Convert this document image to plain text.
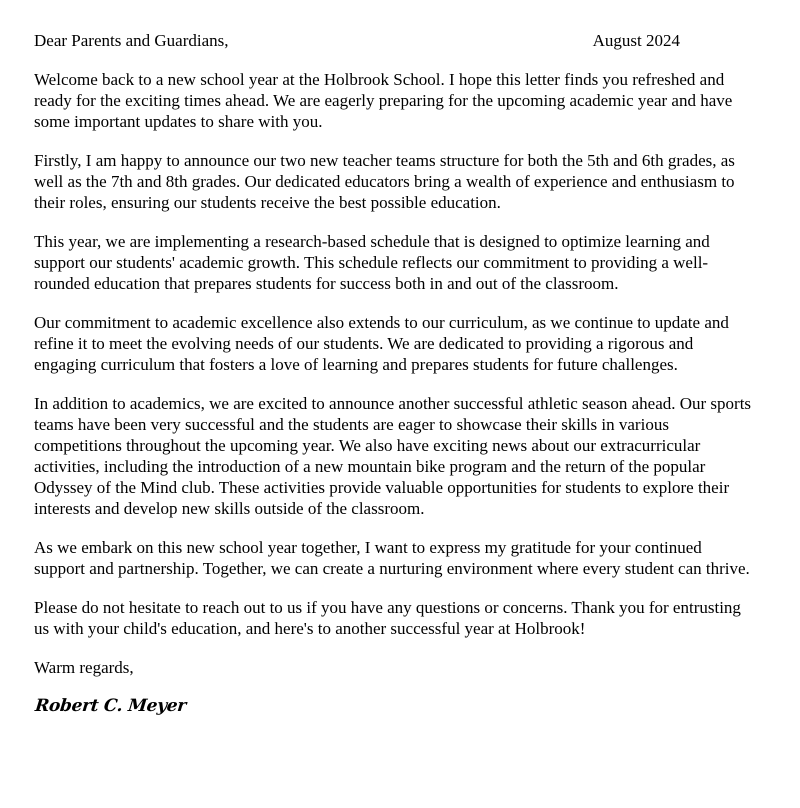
Dear Parents and Guardians,	August 2024

Welcome back to a new school year at the Holbrook School. I hope this letter finds you refreshed and ready for the exciting times ahead. We are eagerly preparing for the upcoming academic year and have some important updates to share with you.

Firstly, I am happy to announce our two new teacher teams structure for both the 5th and 6th grades, as well as the 7th and 8th grades. Our dedicated educators bring a wealth of experience and enthusiasm to their roles, ensuring our students receive the best possible education.

This year, we are implementing a research-based schedule that is designed to optimize learning and support our students' academic growth. This schedule reflects our commitment to providing a well-rounded education that prepares students for success both in and out of the classroom.

Our commitment to academic excellence also extends to our curriculum, as we continue to update and refine it to meet the evolving needs of our students. We are dedicated to providing a rigorous and engaging curriculum that fosters a love of learning and prepares students for future challenges.

In addition to academics, we are excited to announce another successful athletic season ahead. Our sports teams have been very successful and the students are eager to showcase their skills in various competitions throughout the upcoming year. We also have exciting news about our extracurricular activities, including the introduction of a new mountain bike program and the return of the popular Odyssey of the Mind club. These activities provide valuable opportunities for students to explore their interests and develop new skills outside of the classroom.

As we embark on this new school year together, I want to express my gratitude for your continued support and partnership. Together, we can create a nurturing environment where every student can thrive.

Please do not hesitate to reach out to us if you have any questions or concerns. Thank you for entrusting us with your child's education, and here's to another successful year at Holbrook!

Warm regards,

Robert C. Meyer
